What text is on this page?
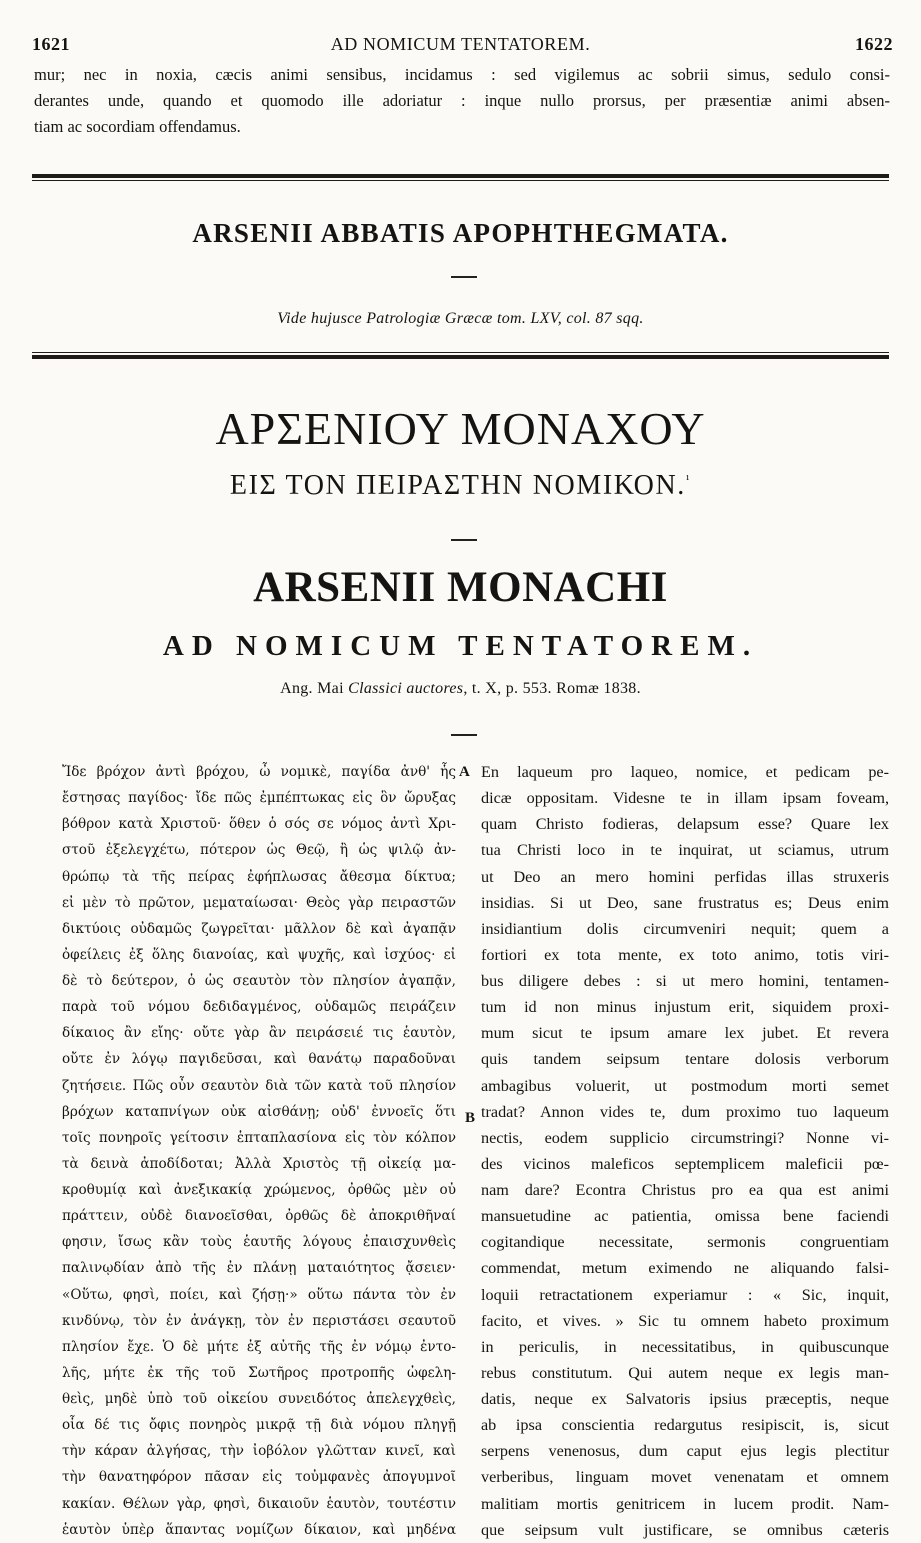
1621	AD NOMICUM TENTATOREM.	1622
mur; nec in noxia, cæcis animi sensibus, incidamus : sed vigilemus ac sobrii simus, sedulo consi-
derantes unde, quando et quomodo ille adoriatur : inque nullo prorsus, per præsentiæ animi absen-
tiam ac socordiam offendamus.
ARSENII ABBATIS APOPHTHEGMATA.
Vide hujusce Patrologiæ Græcæ tom. LXV, col. 87 sqq.
ΑΡΣΕΝΙΟΥ ΜΟΝΑΧΟΥ
ΕΙΣ ΤΟΝ ΠΕΙΡΑΣΤΗΝ ΝΟΜΙΚΟΝ.$^{^1}$
ARSENII MONACHI
AD NOMICUM TENTATOREM.
Ang. Mai Classici auctores, t. X, p. 553. Romæ 1838.
A
B
Ἴδε βρόχον ἀντὶ βρόχου, ὦ νομικὲ, παγίδα ἀνθ' ἧς
ἔστησας παγίδος· ἴδε πῶς ἐμπέπτωκας εἰς ὃν ὤρυξας
βόθρον κατὰ Χριστοῦ· ὅθεν ὁ σός σε νόμος ἀντὶ Χρι-
στοῦ ἐξελεγχέτω, πότερον ὡς Θεῷ, ἢ ὡς ψιλῷ ἀν-
θρώπῳ τὰ τῆς πείρας ἐφήπλωσας ἄθεσμα δίκτυα;
εἰ μὲν τὸ πρῶτον, μεματαίωσαι· Θεὸς γὰρ πειραστῶν
δικτύοις οὐδαμῶς ζωγρεῖται· μᾶλλον δὲ καὶ ἀγαπᾷν
ὀφείλεις ἐξ ὅλης διανοίας, καὶ ψυχῆς, καὶ ἰσχύος· εἰ
δὲ τὸ δεύτερον, ὁ ὡς σεαυτὸν τὸν πλησίον ἀγαπᾷν,
παρὰ τοῦ νόμου δεδιδαγμένος, οὐδαμῶς πειράζειν
δίκαιος ἂν εἴης· οὔτε γὰρ ἂν πειράσειέ τις ἑαυτὸν,
οὔτε ἐν λόγῳ παγιδεῦσαι, καὶ θανάτῳ παραδοῦναι
ζητήσειε. Πῶς οὖν σεαυτὸν διὰ τῶν κατὰ τοῦ πλησίον
βρόχων καταπνίγων οὐκ αἰσθάνῃ; οὐδ' ἐννοεῖς ὅτι
τοῖς πονηροῖς γείτοσιν ἑπταπλασίονα εἰς τὸν κόλπον
τὰ δεινὰ ἀποδίδοται; Ἀλλὰ Χριστὸς τῇ οἰκείᾳ μα-
κροθυμίᾳ καὶ ἀνεξικακίᾳ χρώμενος, ὀρθῶς μὲν οὐ
πράττειν, οὐδὲ διανοεῖσθαι, ὀρθῶς δὲ ἀποκριθῆναί
φησιν, ἴσως κἂν τοὺς ἑαυτῆς λόγους ἐπαισχυνθεὶς
παλινῳδίαν ἀπὸ τῆς ἐν πλάνῃ ματαιότητος ᾄσειεν·
«Οὕτω, φησὶ, ποίει, καὶ ζήσῃ·» οὕτω πάντα τὸν ἐν
κινδύνῳ, τὸν ἐν ἀνάγκῃ, τὸν ἐν περιστάσει σεαυτοῦ
πλησίον ἔχε. Ὁ δὲ μήτε ἐξ αὐτῆς τῆς ἐν νόμῳ ἐντο-
λῆς, μήτε ἐκ τῆς τοῦ Σωτῆρος προτροπῆς ὠφελη-
θεὶς, μηδὲ ὑπὸ τοῦ οἰκείου συνειδότος ἀπελεγχθεὶς,
οἷα δέ τις ὄφις πονηρὸς μικρᾷ τῇ διὰ νόμου πληγῇ
τὴν κάραν ἀλγήσας, τὴν ἰοβόλον γλῶτταν κινεῖ, καὶ
τὴν θανατηφόρον πᾶσαν εἰς τοὐμφανὲς ἀπογυμνοῖ
κακίαν. Θέλων γὰρ, φησὶ, δικαιοῦν ἑαυτὸν, τουτέστιν
ἑαυτὸν ὑπὲρ ἅπαντας νομίζων δίκαιον, καὶ μηδένα
En laqueum pro laqueo, nomice, et pedicam pe-
dicæ oppositam. Videsne te in illam ipsam foveam,
quam Christo fodieras, delapsum esse? Quare lex
tua Christi loco in te inquirat, ut sciamus, utrum
ut Deo an mero homini perfidas illas struxeris
insidias. Si ut Deo, sane frustratus es; Deus enim
insidiantium dolis circumveniri nequit; quem a
fortiori ex tota mente, ex toto animo, totis viri-
bus diligere debes : si ut mero homini, tentamen-
tum id non minus injustum erit, siquidem proxi-
mum sicut te ipsum amare lex jubet. Et revera
quis tandem seipsum tentare dolosis verborum
ambagibus voluerit, ut postmodum morti semet
tradat? Annon vides te, dum proximo tuo laqueum
nectis, eodem supplicio circumstringi? Nonne vi-
des vicinos maleficos septemplicem maleficii pœ-
nam dare? Econtra Christus pro ea qua est animi
mansuetudine ac patientia, omissa bene faciendi
cogitandique necessitate, sermonis congruentiam
commendat, metum eximendo ne aliquando falsi-
loquii retractationem experiamur : « Sic, inquit,
facito, et vives. » Sic tu omnem habeto proximum
in periculis, in necessitatibus, in quibuscunque
rebus constitutum. Qui autem neque ex legis man-
datis, neque ex Salvatoris ipsius præceptis, neque
ab ipsa conscientia redargutus resipiscit, is, sicut
serpens venenosus, dum caput ejus legis plectitur
verberibus, linguam movet venenatam et omnem
malitiam mortis genitricem in lucem prodit. Nam-
que seipsum vult justificare, se omnibus cæteris
